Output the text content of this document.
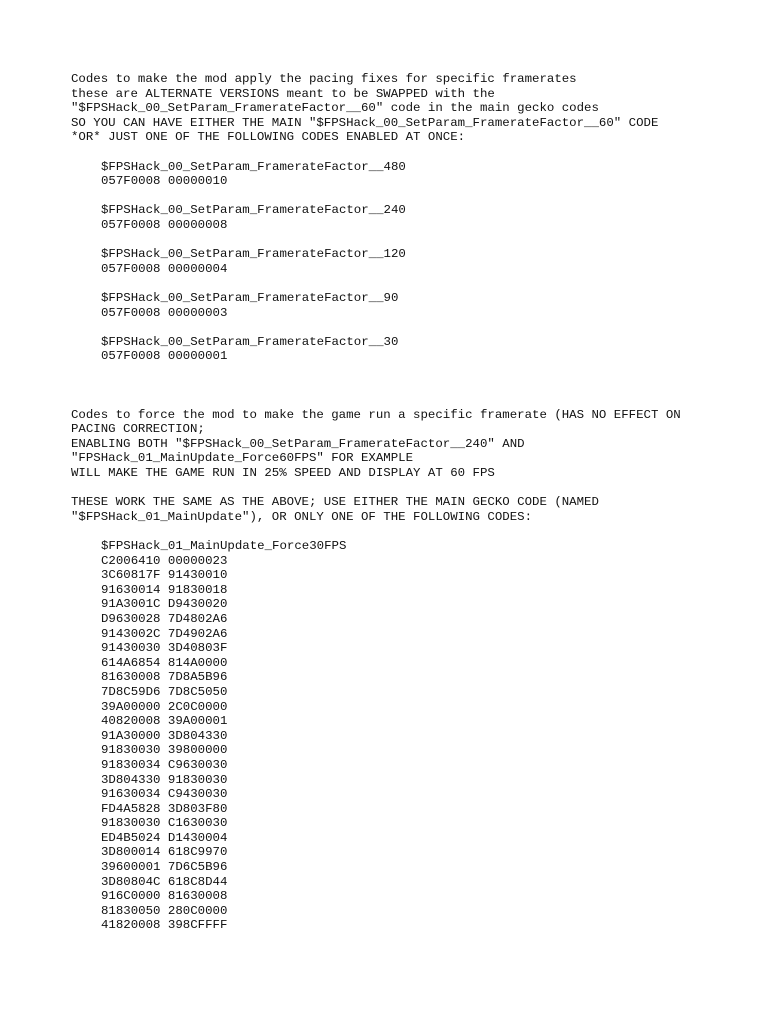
Codes to make the mod apply the pacing fixes for specific framerates
these are ALTERNATE VERSIONS meant to be SWAPPED with the
"$FPSHack_00_SetParam_FramerateFactor__60" code in the main gecko codes
SO YOU CAN HAVE EITHER THE MAIN "$FPSHack_00_SetParam_FramerateFactor__60" CODE
*OR* JUST ONE OF THE FOLLOWING CODES ENABLED AT ONCE:
$FPSHack_00_SetParam_FramerateFactor__480
057F0008 00000010
$FPSHack_00_SetParam_FramerateFactor__240
057F0008 00000008
$FPSHack_00_SetParam_FramerateFactor__120
057F0008 00000004
$FPSHack_00_SetParam_FramerateFactor__90
057F0008 00000003
$FPSHack_00_SetParam_FramerateFactor__30
057F0008 00000001
Codes to force the mod to make the game run a specific framerate (HAS NO EFFECT ON
PACING CORRECTION;
ENABLING BOTH "$FPSHack_00_SetParam_FramerateFactor__240" AND
"FPSHack_01_MainUpdate_Force60FPS" FOR EXAMPLE
WILL MAKE THE GAME RUN IN 25% SPEED AND DISPLAY AT 60 FPS
THESE WORK THE SAME AS THE ABOVE; USE EITHER THE MAIN GECKO CODE (NAMED
"$FPSHack_01_MainUpdate"), OR ONLY ONE OF THE FOLLOWING CODES:
$FPSHack_01_MainUpdate_Force30FPS
C2006410 00000023
3C60817F 91430010
91630014 91830018
91A3001C D9430020
D9630028 7D4802A6
9143002C 7D4902A6
91430030 3D40803F
614A6854 814A0000
81630008 7D8A5B96
7D8C59D6 7D8C5050
39A00000 2C0C0000
40820008 39A00001
91A30000 3D804330
91830030 39800000
91830034 C9630030
3D804330 91830030
91630034 C9430030
FD4A5828 3D803F80
91830030 C1630030
ED4B5024 D1430004
3D800014 618C9970
39600001 7D6C5B96
3D80804C 618C8D44
916C0000 81630008
81830050 280C0000
41820008 398CFFFF
